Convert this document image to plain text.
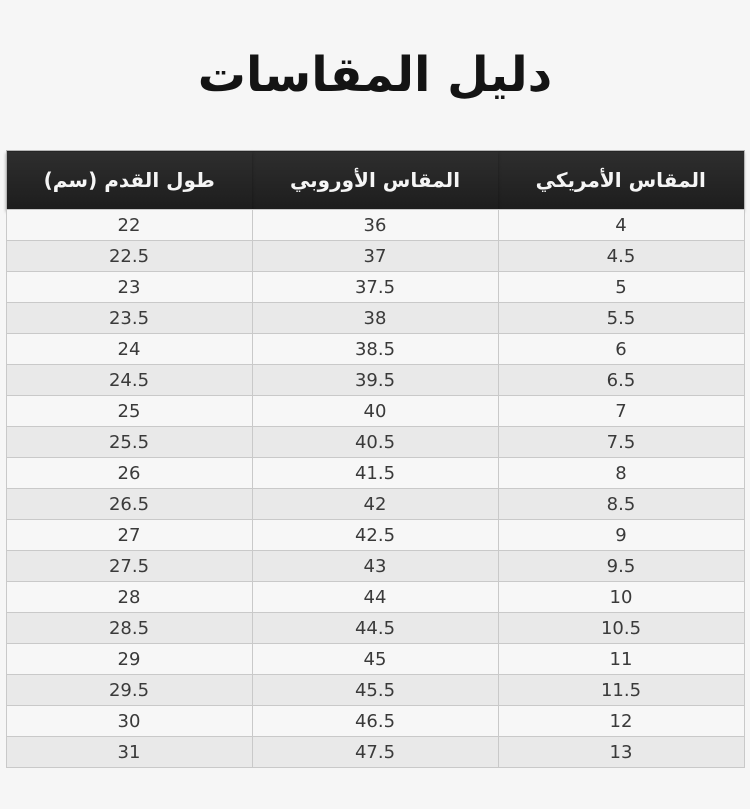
دليل المقاسات
المقاس الأمريكي	المقاس الأوروبي	طول القدم (سم)
4	36	22
4.5	37	22.5
5	37.5	23
5.5	38	23.5
6	38.5	24
6.5	39.5	24.5
7	40	25
7.5	40.5	25.5
8	41.5	26
8.5	42	26.5
9	42.5	27
9.5	43	27.5
10	44	28
10.5	44.5	28.5
11	45	29
11.5	45.5	29.5
12	46.5	30
13	47.5	31
